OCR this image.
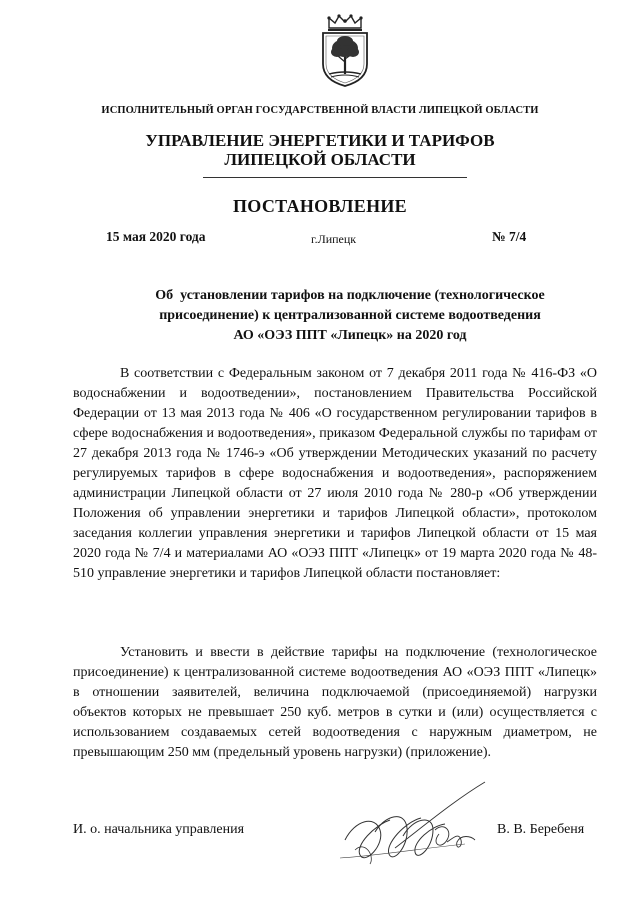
ИСПОЛНИТЕЛЬНЫЙ ОРГАН ГОСУДАРСТВЕННОЙ ВЛАСТИ ЛИПЕЦКОЙ ОБЛАСТИ
УПРАВЛЕНИЕ ЭНЕРГЕТИКИ И ТАРИФОВ
ЛИПЕЦКОЙ ОБЛАСТИ
ПОСТАНОВЛЕНИЕ
15 мая 2020 года	г.Липецк	№ 7/4
Об  установлении тарифов на подключение (технологическое
присоединение) к централизованной системе водоотведения
АО «ОЭЗ ППТ «Липецк» на 2020 год

В соответствии с Федеральным законом от 7 декабря 2011 года № 416-ФЗ «О водоснабжении и водоотведении», постановлением Правительства Российской Федерации от 13 мая 2013 года № 406 «О государственном регулировании тарифов в сфере водоснабжения и водоотведения», приказом Федеральной службы по тарифам от 27 декабря 2013 года № 1746-э «Об утверждении Методических указаний по расчету регулируемых тарифов в сфере водоснабжения и водоотведения», распоряжением администрации Липецкой области от 27 июля 2010 года № 280-р «Об утверждении Положения об управлении энергетики и тарифов Липецкой области», протоколом заседания коллегии управления энергетики и тарифов Липецкой области от 15 мая 2020 года № 7/4 и материалами АО «ОЭЗ ППТ «Липецк» от 19 марта 2020 года № 48-510 управление энергетики и тарифов Липецкой области постановляет:

Установить и ввести в действие тарифы на подключение (технологическое присоединение) к централизованной системе водоотведения АО «ОЭЗ ППТ «Липецк» в отношении заявителей, величина подключаемой (присоединяемой) нагрузки объектов которых не превышает 250 куб. метров в сутки и (или) осуществляется с использованием создаваемых сетей водоотведения с наружным диаметром, не превышающим 250 мм (предельный уровень нагрузки) (приложение).

И. о. начальника управления	В. В. Беребеня
